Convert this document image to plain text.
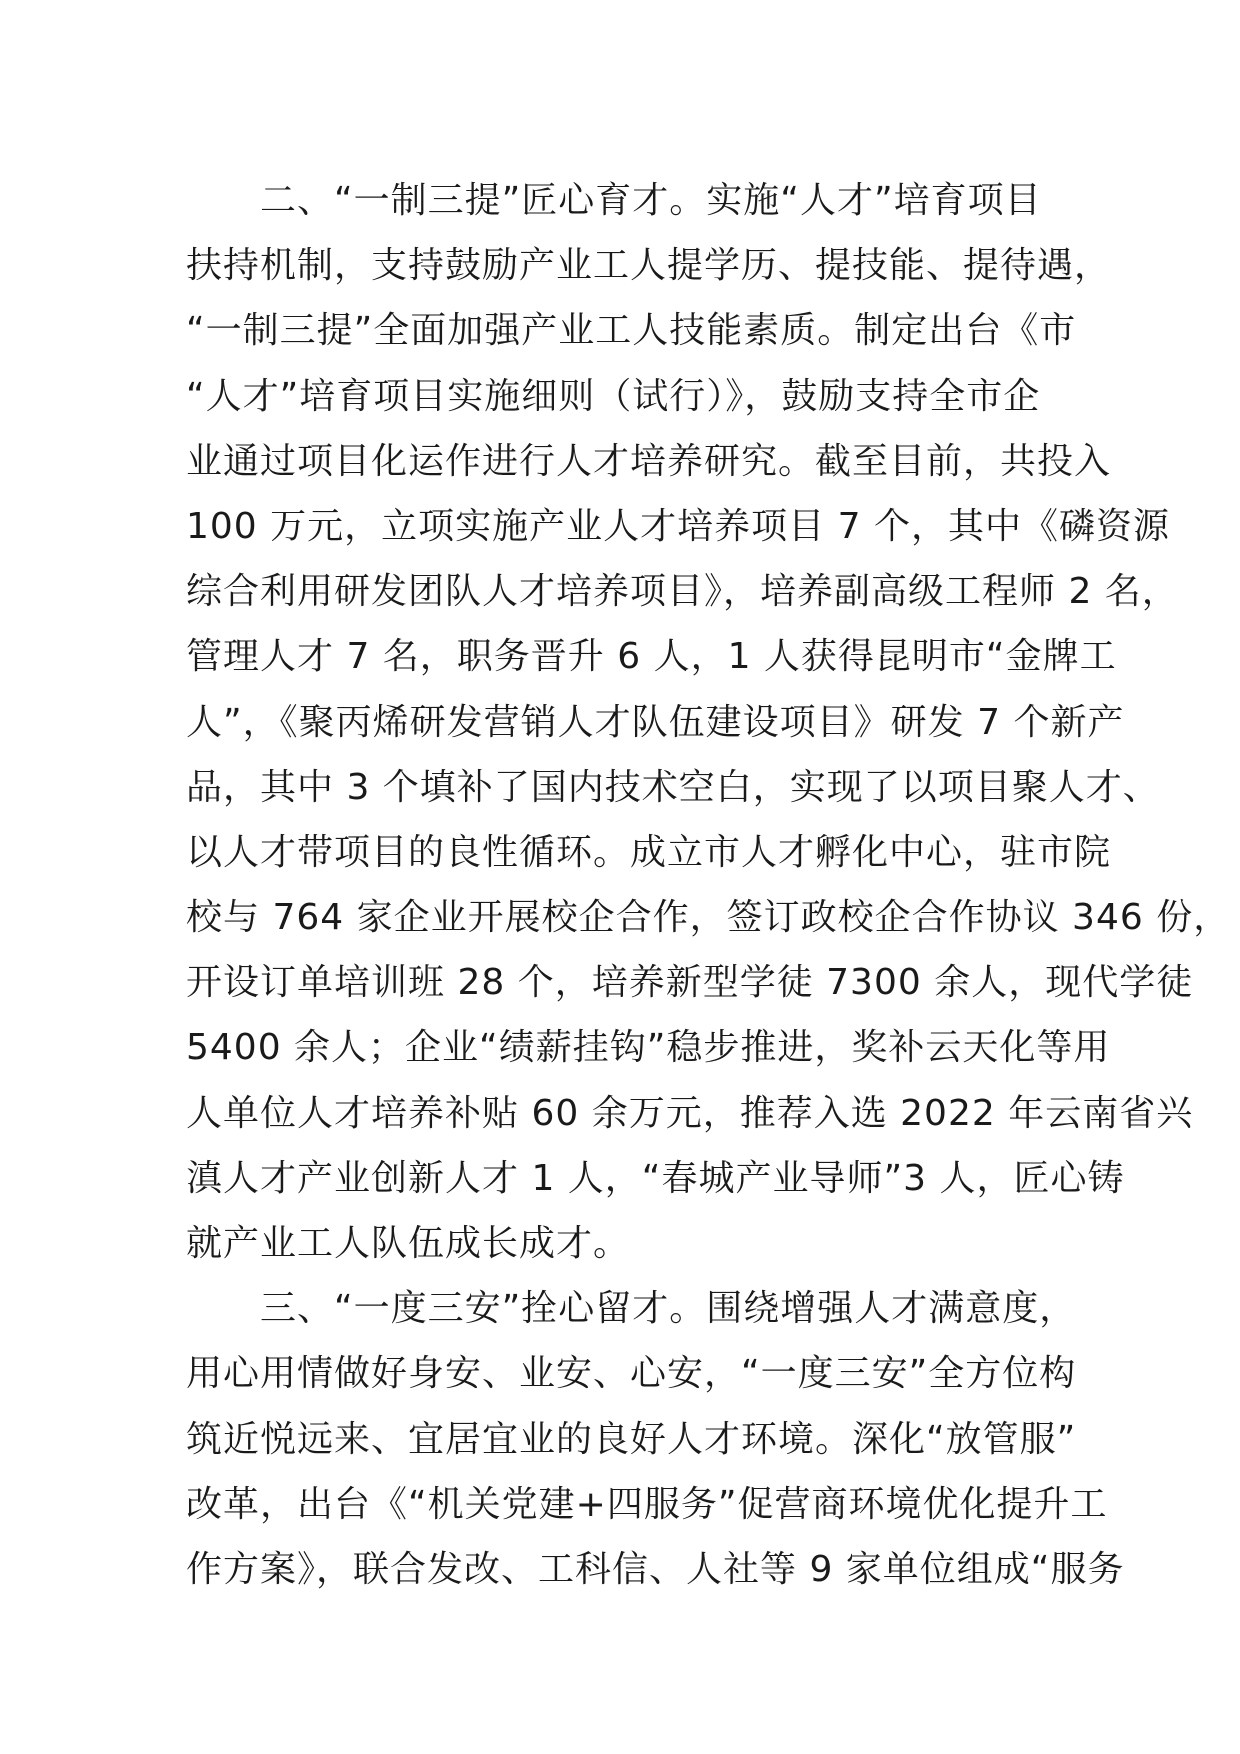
二、“一制三提”匠心育才。实施“人才”培育项目
扶持机制，支持鼓励产业工人提学历、提技能、提待遇，
“一制三提”全面加强产业工人技能素质。制定出台《市
“人才”培育项目实施细则（试行）》，鼓励支持全市企
业通过项目化运作进行人才培养研究。截至目前，共投入
100 万元，立项实施产业人才培养项目 7 个，其中《磷资源
综合利用研发团队人才培养项目》，培养副高级工程师 2 名，
管理人才 7 名，职务晋升 6 人，1 人获得昆明市“金牌工
人”，《聚丙烯研发营销人才队伍建设项目》研发 7 个新产
品，其中 3 个填补了国内技术空白，实现了以项目聚人才、
以人才带项目的良性循环。成立市人才孵化中心，驻市院
校与 764 家企业开展校企合作，签订政校企合作协议 346 份，
开设订单培训班 28 个，培养新型学徒 7300 余人，现代学徒
5400 余人；企业“绩薪挂钩”稳步推进，奖补云天化等用
人单位人才培养补贴 60 余万元，推荐入选 2022 年云南省兴
滇人才产业创新人才 1 人，“春城产业导师”3 人，匠心铸
就产业工人队伍成长成才。
三、“一度三安”拴心留才。围绕增强人才满意度，
用心用情做好身安、业安、心安，“一度三安”全方位构
筑近悦远来、宜居宜业的良好人才环境。深化“放管服”
改革，出台《“机关党建+四服务”促营商环境优化提升工
作方案》，联合发改、工科信、人社等 9 家单位组成“服务
